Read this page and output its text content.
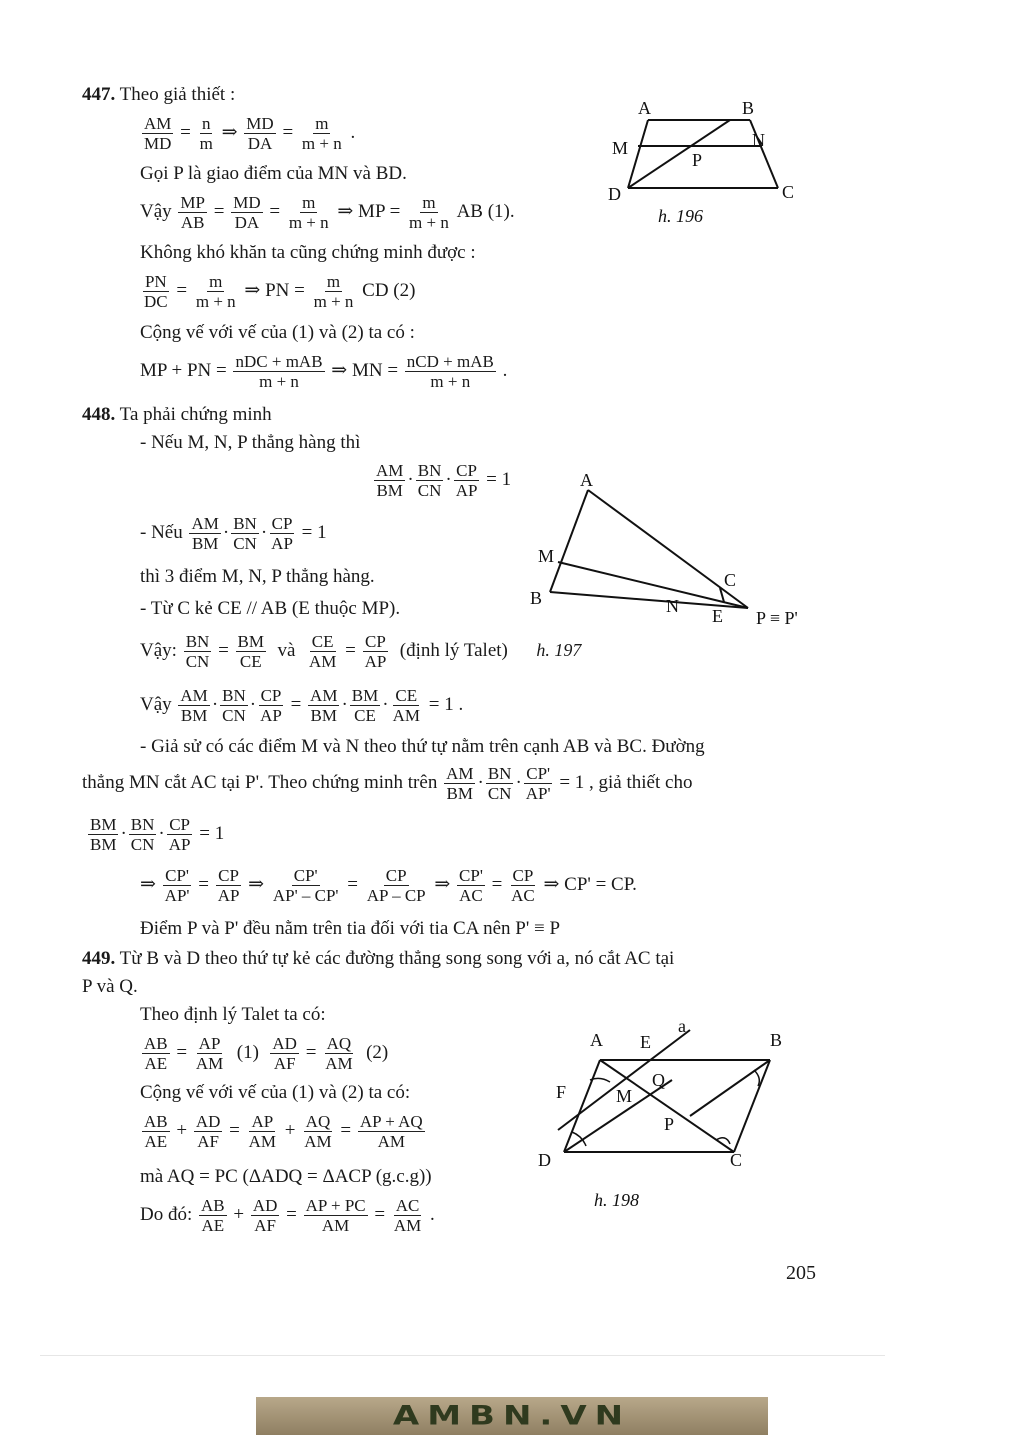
447. Theo giả thiết :
$\frac{AM}{MD} = \frac{n}{m}$ ⇒ $\frac{MD}{DA} = \frac{m}{m + n}$ .
Gọi P là giao điểm của MN và BD.
Vậy $\frac{MP}{AB} = \frac{MD}{DA} = \frac{m}{m + n}$ ⇒ MP = $\frac{m}{m + n}$ AB (1).
Không khó khăn ta cũng chứng minh được :
$\frac{PN}{DC} = \frac{m}{m + n}$ ⇒ PN = $\frac{m}{m + n}$ CD (2)
Cộng vế với vế của (1) và (2) ta có :
MP + PN = $\frac{\text{nDC + mAB}}{m + n}$ ⇒ MN = $\frac{\text{nCD + mAB}}{m + n}$ .
A	B
M	N
P
D	C
h. 196
448. Ta phải chứng minh
- Nếu M, N, P thẳng hàng thì
$\frac{AM}{BM} \cdot \frac{BN}{CN} \cdot \frac{CP}{AP} = 1$
- Nếu $\frac{AM}{BM} \cdot \frac{BN}{CN} \cdot \frac{CP}{AP} = 1$
thì 3 điểm M, N, P thẳng hàng.
- Từ C kẻ CE // AB (E thuộc MP).
Vậy: $\frac{BN}{CN} = \frac{BM}{CE}$ và $\frac{CE}{AM} = \frac{CP}{AP}$ (định lý Talet) h. 197
Vậy $\frac{AM}{BM} \cdot \frac{BN}{CN} \cdot \frac{CP}{AP} = \frac{AM}{BM} \cdot \frac{BM}{CE} \cdot \frac{CE}{AM} = 1$ .
- Giả sử có các điểm M và N theo thứ tự nằm trên cạnh AB và BC. Đường
thẳng MN cắt AC tại P'. Theo chứng minh trên $\frac{AM}{BM} \cdot \frac{BN}{CN} \cdot \frac{CP'}{AP'} = 1$ , giả thiết cho
$\frac{BM}{BM} \cdot \frac{BN}{CN} \cdot \frac{CP}{AP} = 1$
⇒ $\frac{CP'}{AP'} = \frac{CP}{AP}$ ⇒ $\frac{CP'}{AP' - CP'} = \frac{CP}{AP - CP}$ ⇒ $\frac{CP'}{AC} = \frac{CP}{AC}$ ⇒ CP' = CP.
Điểm P và P' đều nằm trên tia đối với tia CA nên P' ≡ P
A
M
C
B	N E P ≡ P'
449. Từ B và D theo thứ tự kẻ các đường thẳng song song với a, nó cắt AC tại
P và Q.
Theo định lý Talet ta có:
$\frac{AB}{AE} = \frac{AP}{AM} (1) \frac{AD}{AF} = \frac{AQ}{AM} (2)$
Cộng vế với vế của (1) và (2) ta có:
$\frac{AB}{AE} + \frac{AD}{AF} = \frac{AP}{AM} + \frac{AQ}{AM} = \frac{AP + AQ}{AM}$
mà AQ = PC (ΔADQ = ΔACP (g.c.g))
Do đó: $\frac{AB}{AE} + \frac{AD}{AF} = \frac{AP + PC}{AM} = \frac{AC}{AM}$ .
A E
a
B
F	M
Q
P
D	C
h. 198
205
AMBN.VN
